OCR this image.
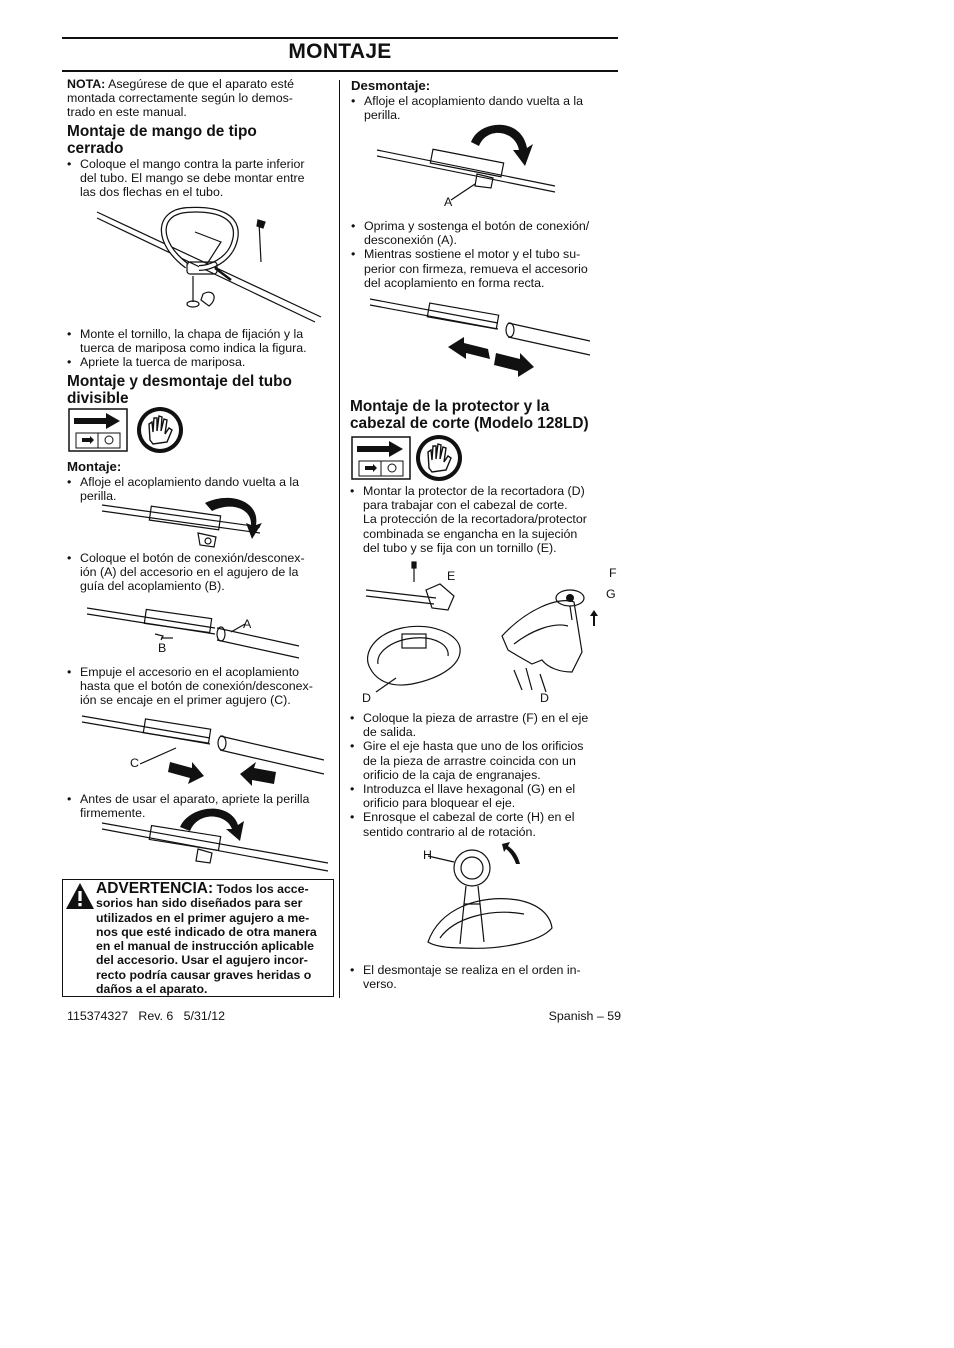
MONTAJE

NOTA: Asegúrese de que el aparato esté
montada correctamente según lo demos-
trado en este manual.

Montaje de mango de tipo
cerrado

• Coloque el mango contra la parte inferior
del tubo. El mango se debe montar entre
las dos flechas en el tubo.

• Monte el tornillo, la chapa de fijación y la
tuerca de mariposa como indica la figura.

• Apriete la tuerca de mariposa.

Montaje y desmontaje del tubo
divisible
Montaje:

• Afloje el acoplamiento dando vuelta a la
perilla.

• Coloque el botón de conexión/desconex-
ión (A) del accesorio en el agujero de la
guía del acoplamiento (B).

A
B

• Empuje el accesorio en el acoplamiento
hasta que el botón de conexión/desconex-
ión se encaje en el primer agujero (C).

C

• Antes de usar el aparato, apriete la perilla
firmemente.

ADVERTENCIA: Todos los acce-
sorios han sido diseñados para ser
utilizados en el primer agujero a me-
nos que esté indicado de otra manera
en el manual de instrucción aplicable
del accesorio. Usar el agujero incor-
recto podría causar graves heridas o
daños a el aparato.
Desmontaje:

• Afloje el acoplamiento dando vuelta a la
perilla.

A

• Oprima y sostenga el botón de conexión/
desconexión (A).

• Mientras sostiene el motor y el tubo su-
perior con firmeza, remueva el accesorio
del acoplamiento en forma recta.

Montaje de la protector y la
cabezal de corte (Modelo 128LD)

• Montar la protector de la recortadora (D)
para trabajar con el cabezal de corte.
La protección de la recortadora/protector
combinada se engancha en la sujeción
del tubo y se fija con un tornillo (E).

E	F
G
D	D

• Coloque la pieza de arrastre (F) en el eje
de salida.

• Gire el eje hasta que uno de los orificios
de la pieza de arrastre coincida con un
orificio de la caja de engranajes.

• Introduzca el llave hexagonal (G) en el
orificio para bloquear el eje.

• Enrosque el cabezal de corte (H) en el
sentido contrario al de rotación.

H

• El desmontaje se realiza en el orden in-
verso.

115374327   Rev. 6   5/31/12	Spanish – 59
